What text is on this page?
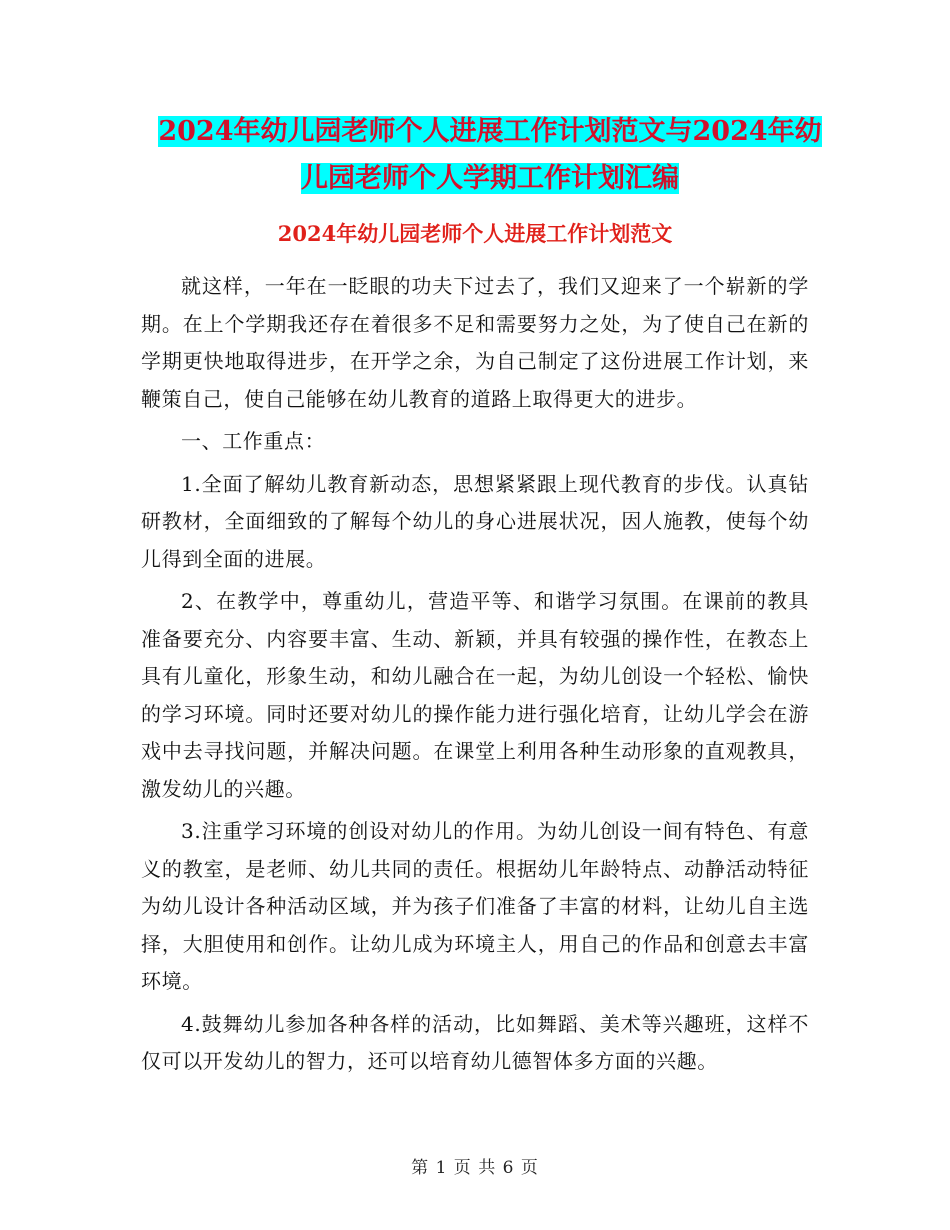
2024年幼儿园老师个人进展工作计划范文与2024年幼
儿园老师个人学期工作计划汇编
2024年幼儿园老师个人进展工作计划范文

就这样，一年在一眨眼的功夫下过去了，我们又迎来了一个崭新的学期。在上个学期我还存在着很多不足和需要努力之处，为了使自己在新的学期更快地取得进步，在开学之余，为自己制定了这份进展工作计划，来鞭策自己，使自己能够在幼儿教育的道路上取得更大的进步。

一、工作重点：

1.全面了解幼儿教育新动态，思想紧紧跟上现代教育的步伐。认真钻研教材，全面细致的了解每个幼儿的身心进展状况，因人施教，使每个幼儿得到全面的进展。

2、在教学中，尊重幼儿，营造平等、和谐学习氛围。在课前的教具准备要充分、内容要丰富、生动、新颖，并具有较强的操作性，在教态上具有儿童化，形象生动，和幼儿融合在一起，为幼儿创设一个轻松、愉快的学习环境。同时还要对幼儿的操作能力进行强化培育，让幼儿学会在游戏中去寻找问题，并解决问题。在课堂上利用各种生动形象的直观教具，激发幼儿的兴趣。

3.注重学习环境的创设对幼儿的作用。为幼儿创设一间有特色、有意义的教室，是老师、幼儿共同的责任。根据幼儿年龄特点、动静活动特征为幼儿设计各种活动区域，并为孩子们准备了丰富的材料，让幼儿自主选择，大胆使用和创作。让幼儿成为环境主人，用自己的作品和创意去丰富环境。

4.鼓舞幼儿参加各种各样的活动，比如舞蹈、美术等兴趣班，这样不仅可以开发幼儿的智力，还可以培育幼儿德智体多方面的兴趣。

第 1 页 共 6 页
